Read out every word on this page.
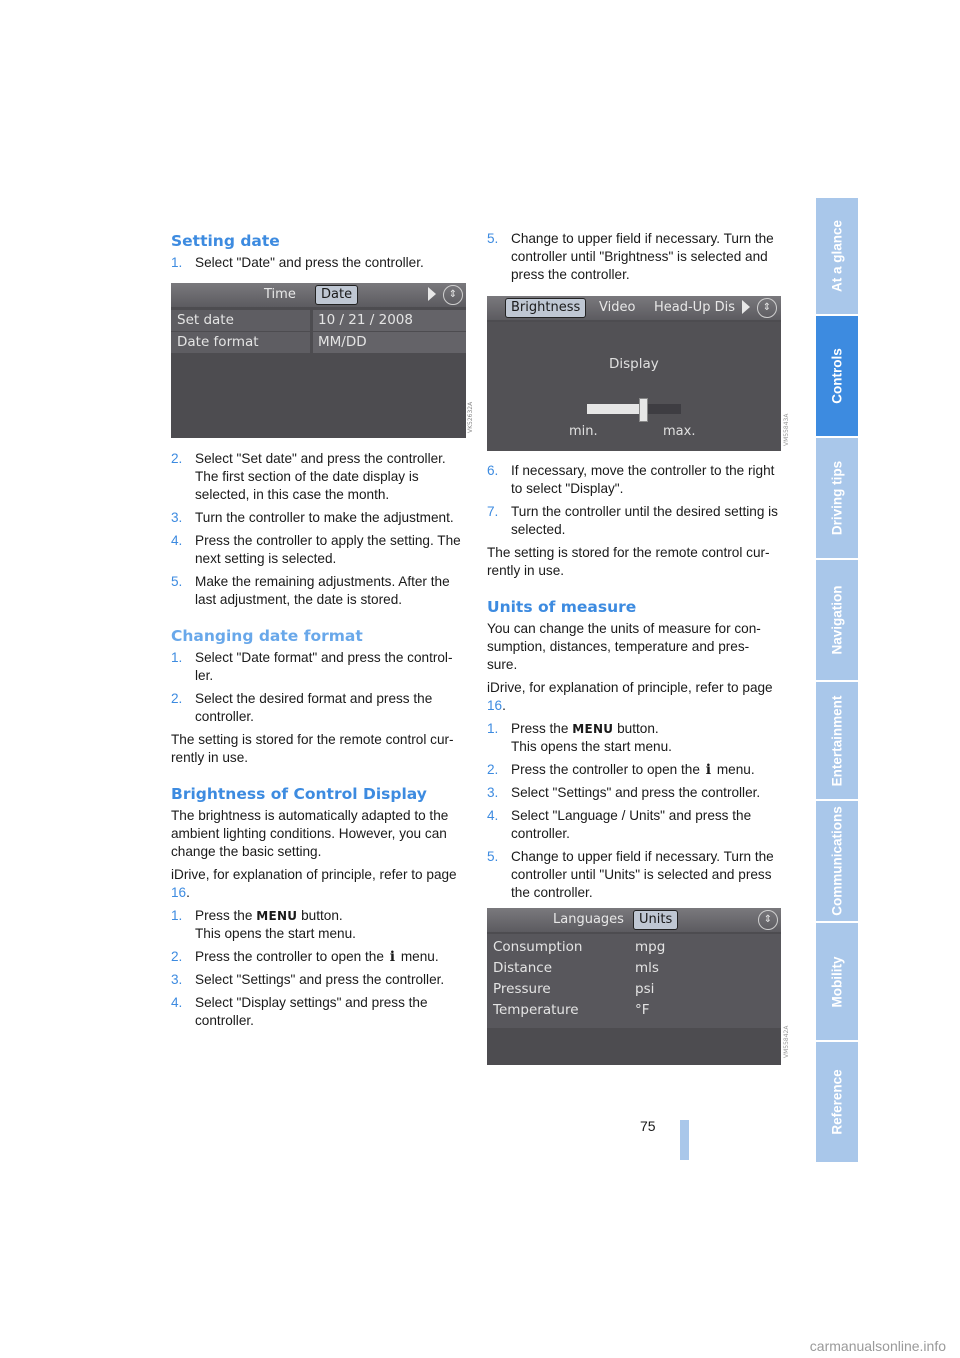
Setting date
1. Select "Date" and press the controller.

Time	Date	⇕
Set date	10 / 21 / 2008
Date format	MM/DD
VK52632A
2. Select "Set date" and press the controller. The first section of the date display is selected, in this case the month.

3. Turn the controller to make the adjustment.

4. Press the controller to apply the setting. The next setting is selected.

5. Make the remaining adjustments. After the last adjustment, the date is stored.

Changing date format
1. Select "Date format" and press the control- ler.

2. Select the desired format and press the controller.

The setting is stored for the remote control cur- rently in use.

Brightness of Control Display

The brightness is automatically adapted to the ambient lighting conditions. However, you can change the basic setting.

iDrive, for explanation of principle, refer to page 16.

1. Press the MENU button.
This opens the start menu.

2. Press the controller to open the i menu.

3. Select "Settings" and press the controller.

4. Select "Display settings" and press the controller.

5. Change to upper field if necessary. Turn the controller until "Brightness" is selected and press the controller.

Brightness	Video Head-Up Dis	⇕
Display
min.	max.	VM55843A
6. If necessary, move the controller to the right to select "Display".

7. Turn the controller until the desired setting is selected.

The setting is stored for the remote control cur- rently in use.

Units of measure

You can change the units of measure for con- sumption, distances, temperature and pres- sure.

iDrive, for explanation of principle, refer to page 16.

1. Press the MENU button.
This opens the start menu.

2. Press the controller to open the i menu.

3. Select "Settings" and press the controller.

4. Select "Language / Units" and press the controller.

5. Change to upper field if necessary. Turn the controller until "Units" is selected and press the controller.

Languages	Units	⇕
Consumption	mpg
Distance	mls
Pressure	psi
Temperature	°F
VM55842A
At a glance
Controls
Driving tips
Navigation
Entertainment
Communications
Mobility
Reference
75
carmanualsonline.info
